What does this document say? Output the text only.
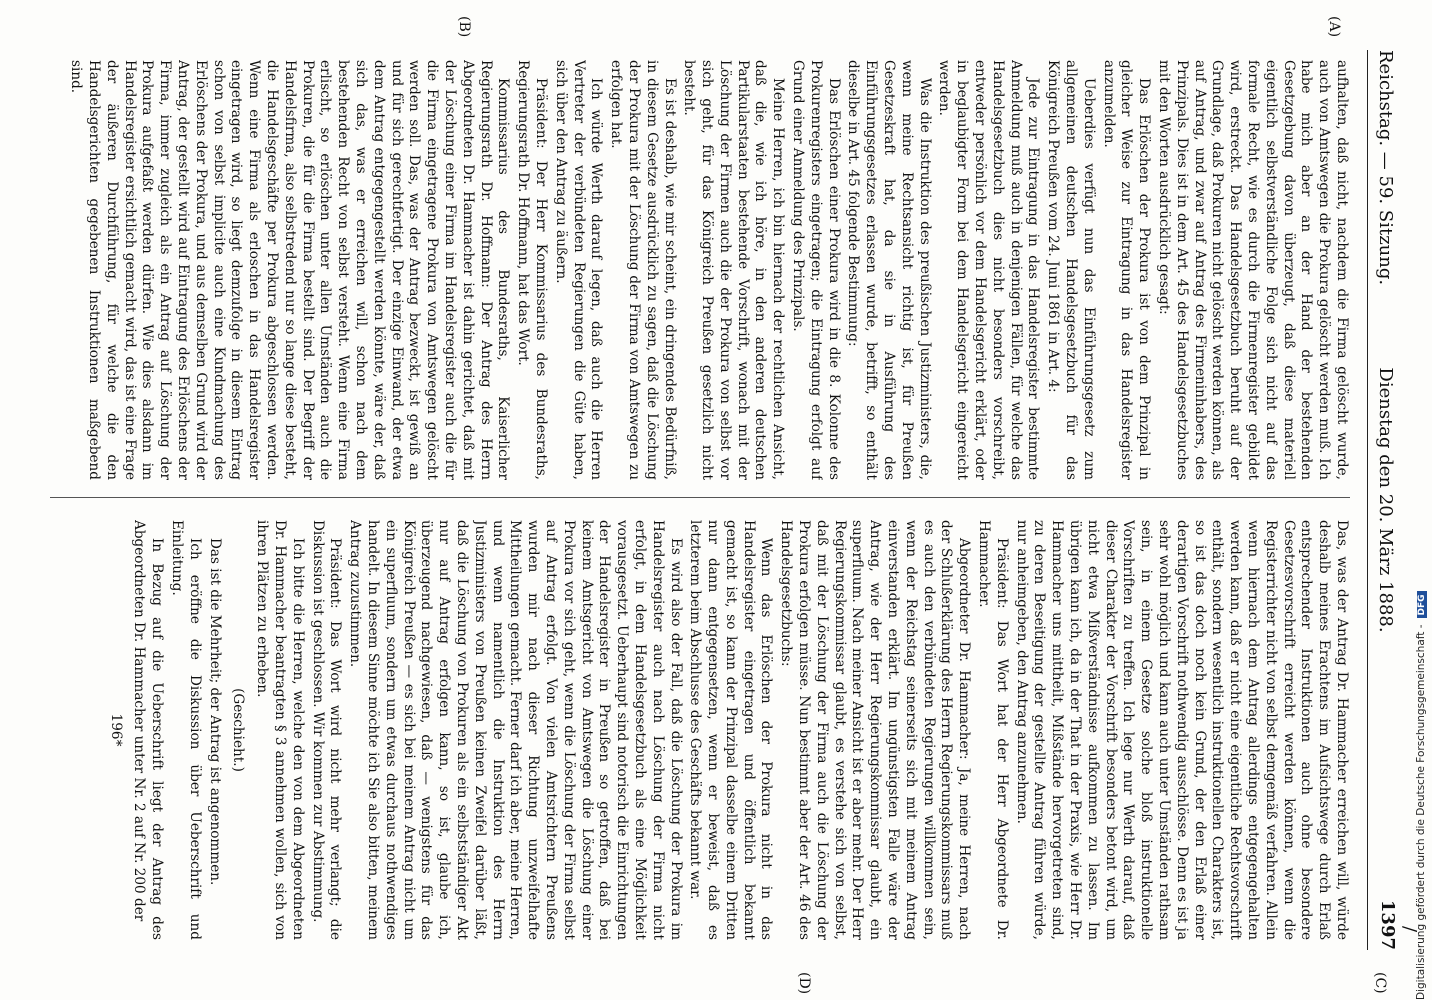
/
Reichstag. — 59. Sitzung.
Dienstag den 20. März 1888.
1397
(A)
(B)
(C)
(D)

aufhalten, daß nicht, nachdem die Firma gelöscht wurde, auch von Amtswegen die Prokura gelöscht werden muß. Ich habe mich aber an der Hand der bestehenden Gesetzgebung davon überzeugt, daß diese materiell eigentlich selbstverständliche Folge sich nicht auf das formale Recht, wie es durch die Firmenregister gebildet wird, erstreckt. Das Handelsgesetzbuch beruht auf der Grundlage, daß Prokuren nicht gelöscht werden können, als auf Antrag, und zwar auf Antrag des Firmeninhabers, des Prinzipals. Dies ist in dem Art. 45 des Handelsgesetzbuches mit den Worten ausdrücklich gesagt:

Das Erlöschen der Prokura ist von dem Prinzipal in gleicher Weise zur Eintragung in das Handelsregister anzumelden.

Ueberdies verfügt nun das Einführungsgesetz zum allgemeinen deutschen Handelsgesetzbuch für das Königreich Preußen vom 24. Juni 1861 in Art. 4:

Jede zur Eintragung in das Handelsregister bestimmte Anmeldung muß auch in denjenigen Fällen, für welche das Handelsgesetzbuch dies nicht besonders vorschreibt, entweder persönlich vor dem Handelsgericht erklärt, oder in beglaubigter Form bei dem Handelsgericht eingereicht werden.

Was die Instruktion des preußischen Justizministers, die, wenn meine Rechtsansicht richtig ist, für Preußen Gesetzeskraft hat, da sie in Ausführung des Einführungsgesetzes erlassen wurde, betrifft, so enthält dieselbe in Art. 45 folgende Bestimmung:

Das Erlöschen einer Prokura wird in die 8. Kolonne des Prokurenregisters eingetragen; die Eintragung erfolgt auf Grund einer Anmeldung des Prinzipals.

Meine Herren, ich bin hiernach der rechtlichen Ansicht, daß die, wie ich höre, in den anderen deutschen Partikularstaaten bestehende Vorschrift, wonach mit der Löschung der Firmen auch die der Prokura von selbst vor sich geht, für das Königreich Preußen gesetzlich nicht besteht.

Es ist deshalb, wie mir scheint, ein dringendes Bedürfniß, in diesem Gesetze ausdrücklich zu sagen, daß die Löschung der Prokura mit der Löschung der Firma von Amtswegen zu erfolgen hat.

Ich würde Werth darauf legen, daß auch die Herren Vertreter der verbündeten Regierungen die Güte haben, sich über den Antrag zu äußern.

Präsident: Der Herr Kommissarius des Bundesraths, Regierungsrath Dr. Hoffmann, hat das Wort.

Kommissarius des Bundesraths, Kaiserlicher Regierungsrath Dr. Hoffmann: Der Antrag des Herrn Abgeordneten Dr. Hammacher ist dahin gerichtet, daß mit der Löschung einer Firma im Handelsregister auch die für die Firma eingetragene Prokura von Amtswegen gelöscht werden soll. Das, was der Antrag bezweckt, ist gewiß an und für sich gerechtfertigt. Der einzige Einwand, der etwa dem Antrag entgegengestellt werden könnte, wäre der, daß sich das, was er erreichen will, schon nach dem bestehenden Recht von selbst versteht. Wenn eine Firma erlischt, so erlöschen unter allen Umständen auch die Prokuren, die für die Firma bestellt sind. Der Begriff der Handelsfirma, also selbstredend nur so lange diese besteht, die Handelsgeschäfte per Prokura abgeschlossen werden. Wenn eine Firma als erloschen in das Handelsregister eingetragen wird, so liegt demzufolge in diesem Eintrag schon von selbst implicite auch eine Kundmachung des Erlöschens der Prokura, und aus demselben Grund wird der Antrag, der gestellt wird auf Eintragung des Erlöschens der Firma, immer zugleich als ein Antrag auf Löschung der Prokura aufgefaßt werden dürfen. Wie dies alsdann im Handelsregister ersichtlich gemacht wird, das ist eine Frage der äußeren Durchführung, für welche die den Handelsgerichten gegebenen Instruktionen maßgebend sind.

Das, was der Antrag Dr. Hammacher erreichen will, würde deshalb meines Erachtens im Aufsichtswege durch Erlaß entsprechender Instruktionen auch ohne besondere Gesetzesvorschrift erreicht werden können, wenn die Registerrichter nicht von selbst demgemäß verfahren. Allein wenn hiernach dem Antrag allerdings entgegengehalten werden kann, daß er nicht eine eigentliche Rechtsvorschrift enthält, sondern wesentlich instruktionellen Charakters ist, so ist das doch noch kein Grund, der den Erlaß einer derartigen Vorschrift nothwendig ausschlösse. Denn es ist ja sehr wohl möglich und kann auch unter Umständen rathsam sein, in einem Gesetze solche bloß instruktionelle Vorschriften zu treffen. Ich lege nur Werth darauf, daß dieser Charakter der Vorschrift besonders betont wird, um nicht etwa Mißverständnisse aufkommen zu lassen. Im übrigen kann ich, da in der That in der Praxis, wie Herr Dr. Hammacher uns mittheilt, Mißstände hervorgetreten sind, zu deren Beseitigung der gestellte Antrag führen würde, nur anheimgeben, den Antrag anzunehmen.

Präsident: Das Wort hat der Herr Abgeordnete Dr. Hammacher.

Abgeordneter Dr. Hammacher: Ja, meine Herren, nach der Schlußerklärung des Herrn Regierungskommissars muß es auch den verbündeten Regierungen willkommen sein, wenn der Reichstag seinerseits sich mit meinem Antrag einverstanden erklärt. Im ungünstigsten Falle wäre der Antrag, wie der Herr Regierungskommissar glaubt, ein superfluum. Nach meiner Ansicht ist er aber mehr. Der Herr Regierungskommissar glaubt, es verstehe sich von selbst, daß mit der Löschung der Firma auch die Löschung der Prokura erfolgen müsse. Nun bestimmt aber der Art. 46 des Handelsgesetzbuchs:

Wenn das Erlöschen der Prokura nicht in das Handelsregister eingetragen und öffentlich bekannt gemacht ist, so kann der Prinzipal dasselbe einem Dritten nur dann entgegensetzen, wenn er beweist, daß es letzterem beim Abschlusse des Geschäfts bekannt war.

Es wird also der Fall, daß die Löschung der Prokura im Handelsregister auch nach Löschung der Firma nicht erfolgt, in dem Handelsgesetzbuch als eine Möglichkeit vorausgesetzt. Ueberhaupt sind notorisch die Einrichtungen der Handelsregister in Preußen so getroffen, daß bei keinem Amtsgericht von Amtswegen die Löschung einer Prokura vor sich geht, wenn die Löschung der Firma selbst auf Antrag erfolgt. Von vielen Amtsrichtern Preußens wurden mir nach dieser Richtung unzweifelhafte Mittheilungen gemacht. Ferner darf ich aber, meine Herren, und wenn namentlich die Instruktion des Herrn Justizministers von Preußen keinen Zweifel darüber läßt, daß die Löschung von Prokuren als ein selbstständiger Akt nur auf Antrag erfolgen kann, so ist, glaube ich, überzeugend nachgewiesen, daß — wenigstens für das Königreich Preußen — es sich bei meinem Antrag nicht um ein superfluum, sondern um etwas durchaus nothwendiges handelt. In diesem Sinne möchte ich Sie also bitten, meinem Antrag zuzustimmen.

Präsident: Das Wort wird nicht mehr verlangt; die Diskussion ist geschlossen. Wir kommen zur Abstimmung.

Ich bitte die Herren, welche den von dem Abgeordneten Dr. Hammacher beantragten § 3 annehmen wollen, sich von ihren Plätzen zu erheben.

(Geschieht.)

Das ist die Mehrheit; der Antrag ist angenommen.

Ich eröffne die Diskussion über Ueberschrift und Einleitung.

In Bezug auf die Ueberschrift liegt der Antrag des Abgeordneten Dr. Hammacher unter Nr. 2 auf Nr. 200 der

196*	Digitalisierung gefördert durch die Deutsche Forschungsgemeinschaft -DFG
